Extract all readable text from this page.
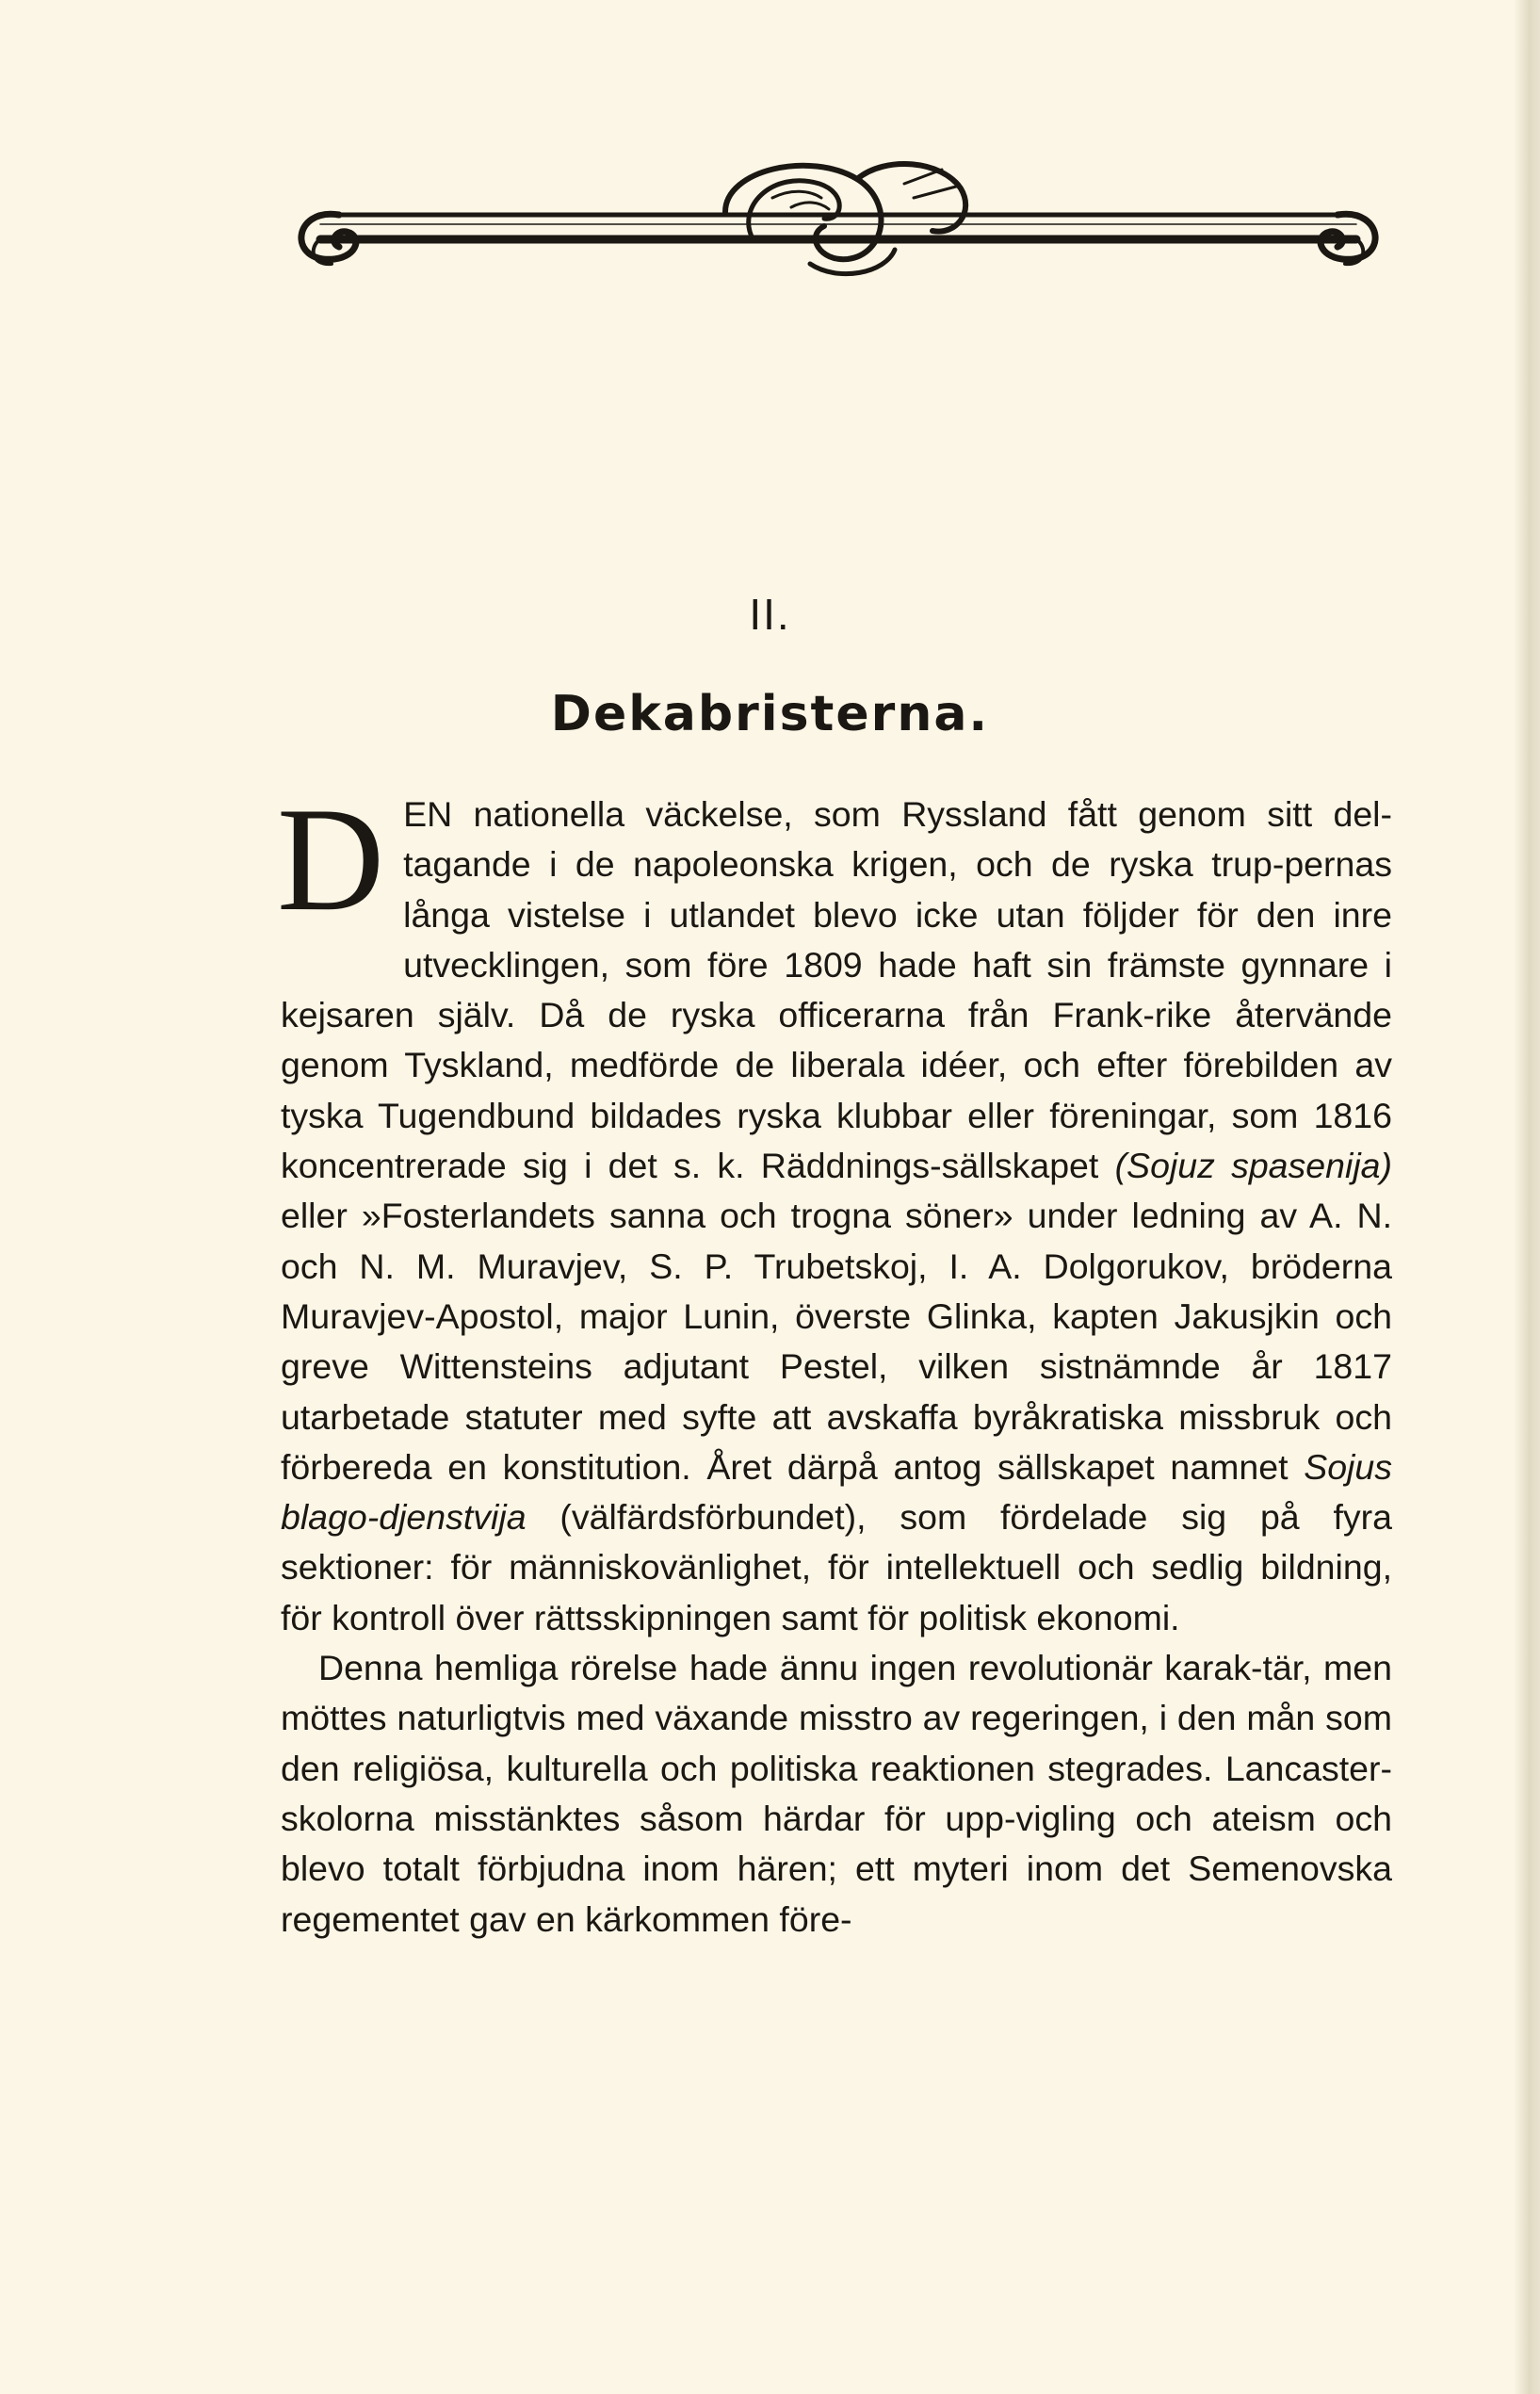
II.
Dekabristerna.

DEN nationella väckelse, som Ryssland fått genom sitt del-tagande i de napoleonska krigen, och de ryska trup-pernas långa vistelse i utlandet blevo icke utan följder för den inre utvecklingen, som före 1809 hade haft sin främste gynnare i kejsaren själv. Då de ryska officerarna från Frank-rike återvände genom Tyskland, medförde de liberala idéer, och efter förebilden av tyska Tugendbund bildades ryska klubbar eller föreningar, som 1816 koncentrerade sig i det s. k. Räddnings-sällskapet (Sojuz spasenija) eller »Fosterlandets sanna och trogna söner» under ledning av A. N. och N. M. Muravjev, S. P. Trubetskoj, I. A. Dolgorukov, bröderna Muravjev-Apostol, major Lunin, överste Glinka, kapten Jakusjkin och greve Wittensteins adjutant Pestel, vilken sistnämnde år 1817 utarbetade statuter med syfte att avskaffa byråkratiska missbruk och förbereda en konstitution. Året därpå antog sällskapet namnet Sojus blago-djenstvija (välfärdsförbundet), som fördelade sig på fyra sektioner: för människovänlighet, för intellektuell och sedlig bildning, för kontroll över rättsskipningen samt för politisk ekonomi.

Denna hemliga rörelse hade ännu ingen revolutionär karak-tär, men möttes naturligtvis med växande misstro av regeringen, i den mån som den religiösa, kulturella och politiska reaktionen stegrades. Lancaster-skolorna misstänktes såsom härdar för upp-vigling och ateism och blevo totalt förbjudna inom hären; ett myteri inom det Semenovska regementet gav en kärkommen före-
